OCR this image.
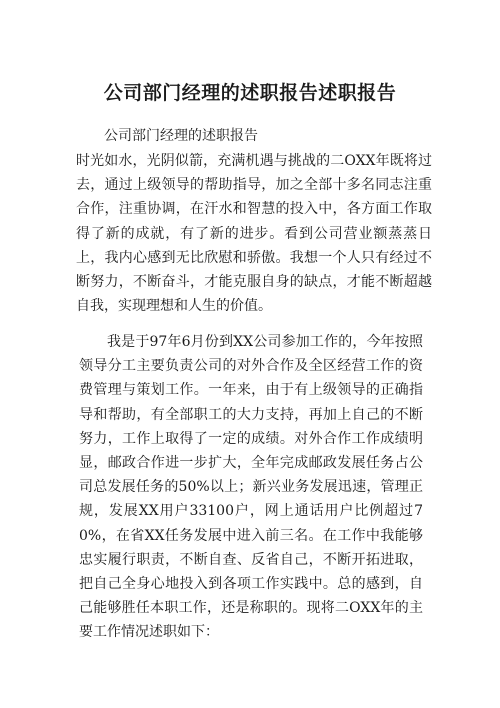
公司部门经理的述职报告述职报告

公司部门经理的述职报告

时光如水，光阴似箭，充满机遇与挑战的二OXX年既将过去，通过上级领导的帮助指导，加之全部十多名同志注重合作，注重协调，在汗水和智慧的投入中，各方面工作取得了新的成就，有了新的进步。看到公司营业额蒸蒸日上，我内心感到无比欣慰和骄傲。我想一个人只有经过不断努力，不断奋斗，才能克服自身的缺点，才能不断超越自我，实现理想和人生的价值。

我是于97年6月份到XX公司参加工作的，今年按照领导分工主要负责公司的对外合作及全区经营工作的资费管理与策划工作。一年来，由于有上级领导的正确指导和帮助，有全部职工的大力支持，再加上自己的不断努力，工作上取得了一定的成绩。对外合作工作成绩明显，邮政合作进一步扩大，全年完成邮政发展任务占公司总发展任务的50%以上；新兴业务发展迅速，管理正规，发展XX用户33100户，网上通话用户比例超过70%，在省XX任务发展中进入前三名。在工作中我能够忠实履行职责，不断自查、反省自己，不断开拓进取，把自己全身心地投入到各项工作实践中。总的感到，自己能够胜任本职工作，还是称职的。现将二OXX年的主要工作情况述职如下：
